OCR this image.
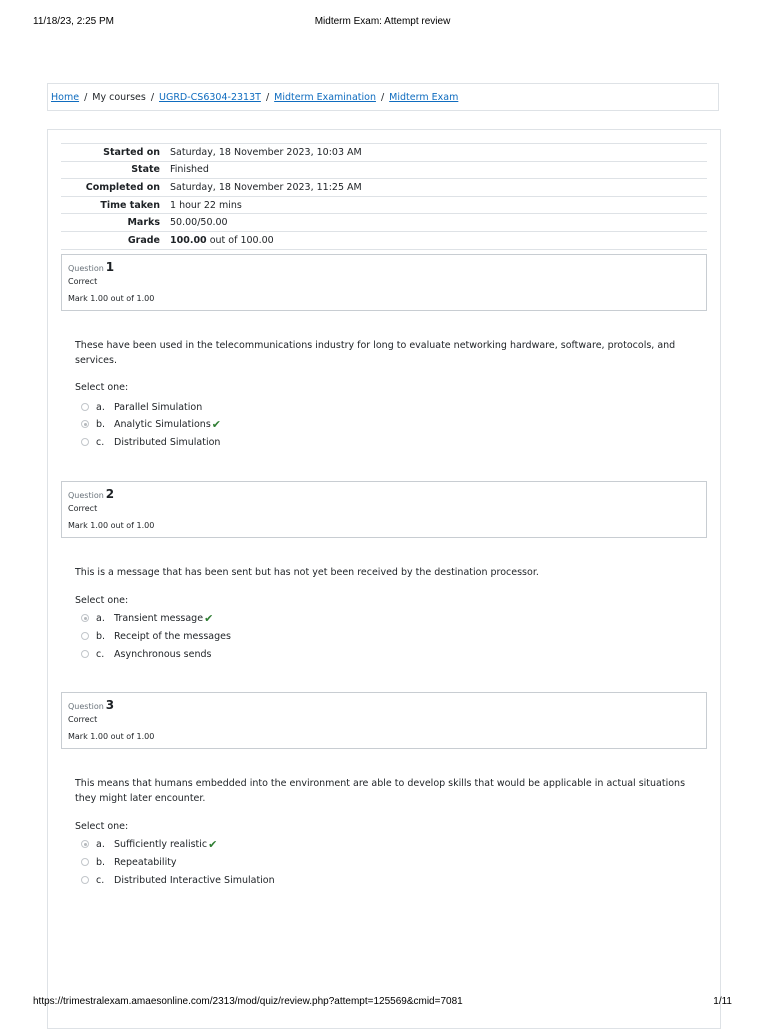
11/18/23, 2:25 PM	Midterm Exam: Attempt review
Home / My courses / UGRD-CS6304-2313T / Midterm Examination / Midterm Exam
Started on	Saturday, 18 November 2023, 10:03 AM
State	Finished
Completed on	Saturday, 18 November 2023, 11:25 AM
Time taken	1 hour 22 mins
Marks	50.00/50.00
Grade	100.00 out of 100.00
Question 1
Correct
Mark 1.00 out of 1.00
These have been used in the telecommunications industry for long to evaluate networking hardware, software, protocols, and services.
Select one:
a. Parallel Simulation
b. Analytic Simulations ✔
c.	Distributed Simulation
Question 2
Correct
Mark 1.00 out of 1.00
This is a message that has been sent but has not yet been received by the destination processor.
Select one:
a. Transient message ✔
b. Receipt of the messages
c.	Asynchronous sends
Question 3
Correct
Mark 1.00 out of 1.00
This means that humans embedded into the environment are able to develop skills that would be applicable in actual situations they might later encounter.
Select one:
a. Sufficiently realistic ✔
b. Repeatability
c.	Distributed Interactive Simulation
https://trimestralexam.amaesonline.com/2313/mod/quiz/review.php?attempt=125569&cmid=7081	1/11
